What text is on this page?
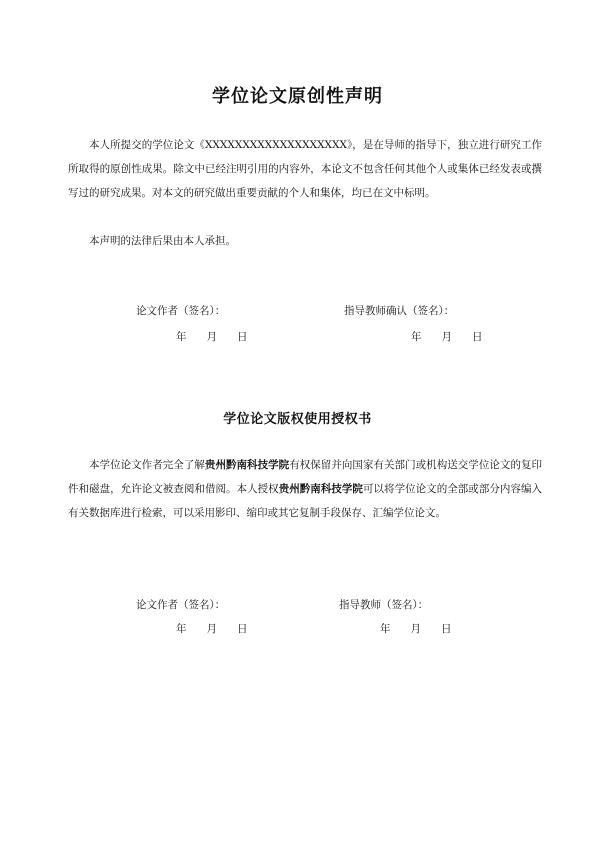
学位论文原创性声明

本人所提交的学位论文《XXXXXXXXXXXXXXXXXXX》，是在导师的指导下，独立进行研究工作所取得的原创性成果。除文中已经注明引用的内容外，本论文不包含任何其他个人或集体已经发表或撰写过的研究成果。对本文的研究做出重要贡献的个人和集体，均已在文中标明。

本声明的法律后果由本人承担。

论文作者（签名）：	指导教师确认（签名）：
年 月 日	年 月 日
学位论文版权使用授权书

本学位论文作者完全了解贵州黔南科技学院有权保留并向国家有关部门或机构送交学位论文的复印件和磁盘，允许论文被查阅和借阅。本人授权贵州黔南科技学院可以将学位论文的全部或部分内容编入有关数据库进行检索，可以采用影印、缩印或其它复制手段保存、汇编学位论文。

论文作者（签名）：	指导教师（签名）：
年 月 日	年 月 日
